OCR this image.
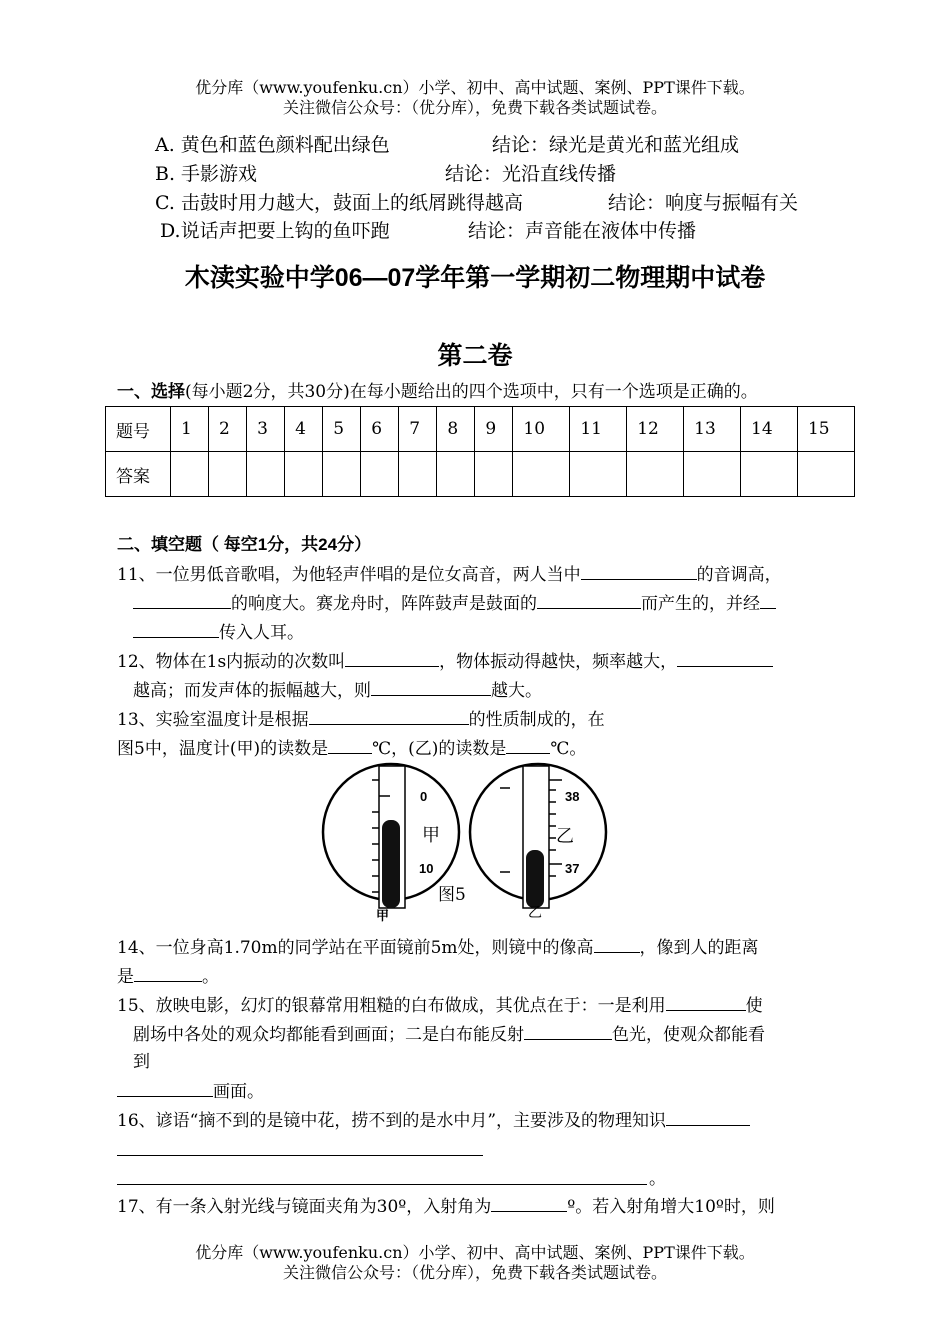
优分库（www.youfenku.cn）小学、初中、高中试题、案例、PPT课件下载。
关注微信公众号：（优分库），免费下载各类试题试卷。
A. 黄色和蓝色颜料配出绿色	结论：绿光是黄光和蓝光组成
B. 手影游戏	结论：光沿直线传播
C. 击鼓时用力越大，鼓面上的纸屑跳得越高	结论：响度与振幅有关
D.说话声把要上钩的鱼吓跑	结论：声音能在液体中传播
木渎实验中学06—07学年第一学期初二物理期中试卷
第二卷
一、选择(每小题2分，共30分)在每小题给出的四个选项中，只有一个选项是正确的。
题号	1	2	3	4	5	6	7	8	9	10	11	12	13	14	15
答案															
二、填空题（ 每空1分，共24分）
11、一位男低音歌唱，为他轻声伴唱的是位女高音，两人当中	的音调高，
的响度大。赛龙舟时，阵阵鼓声是鼓面的	而产生的，并经
传入人耳。
12、物体在1s内振动的次数叫	，物体振动得越快，频率越大，
越高；而发声体的振幅越大，则	越大。
13、实验室温度计是根据	的性质制成的，在
图5中，温度计(甲)的读数是	℃，(乙)的读数是	℃。
0
10
甲
甲
38
37
乙
乙
图5
14、一位身高1.70m的同学站在平面镜前5m处，则镜中的像高	，像到人的距离
是	。
15、放映电影，幻灯的银幕常用粗糙的白布做成，其优点在于：一是利用	使
剧场中各处的观众均都能看到画面；二是白布能反射	色光，使观众都能看
到
画面。
16、谚语“摘不到的是镜中花，捞不到的是水中月”，主要涉及的物理知识
。
17、有一条入射光线与镜面夹角为30º，入射角为	º。若入射角增大10º时，则
优分库（www.youfenku.cn）小学、初中、高中试题、案例、PPT课件下载。
关注微信公众号：（优分库），免费下载各类试题试卷。
